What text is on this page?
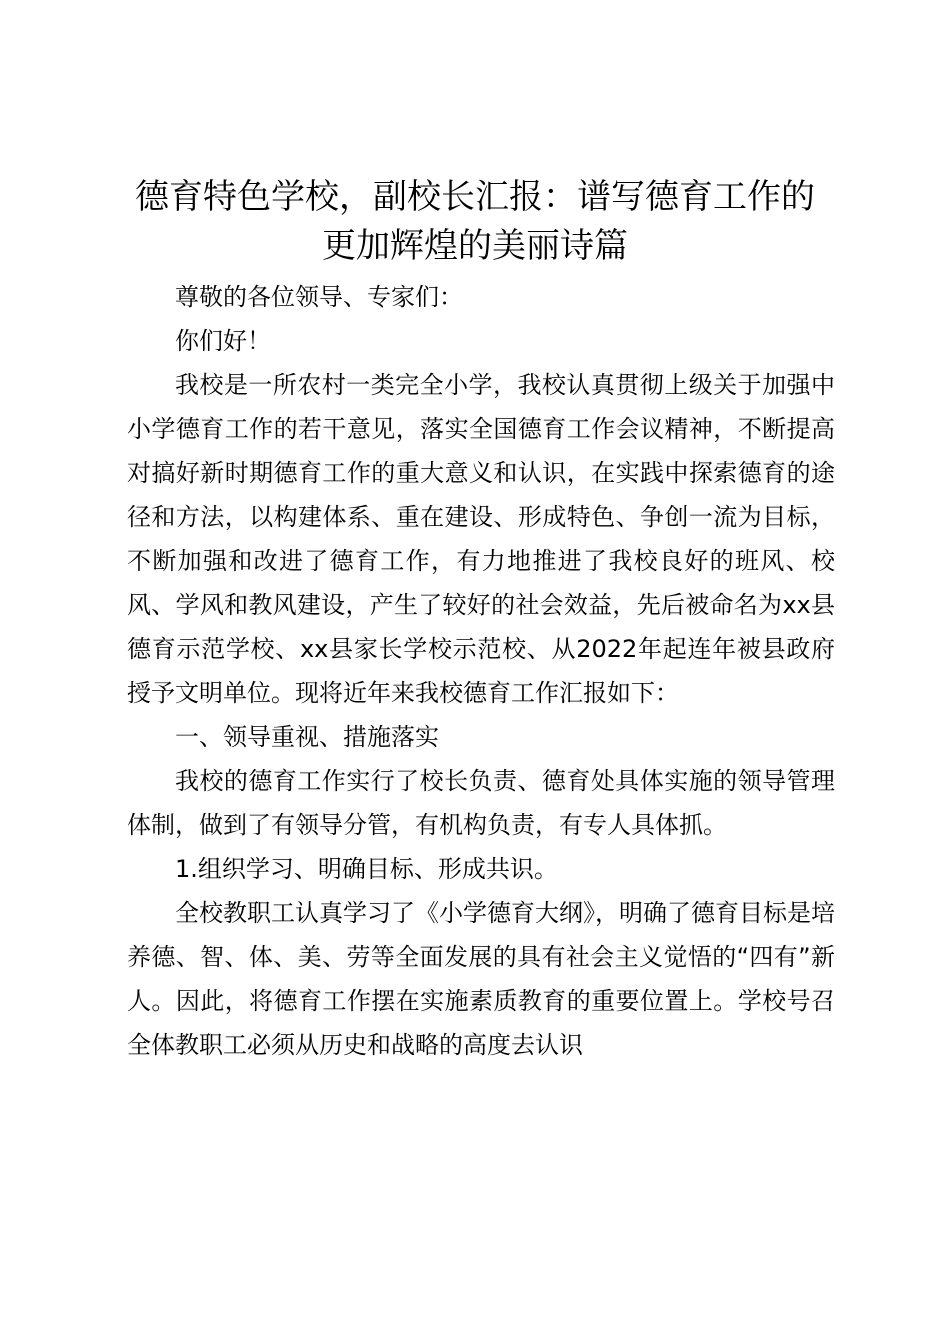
德育特色学校，副校长汇报：谱写德育工作的
更加辉煌的美丽诗篇

尊敬的各位领导、专家们：

你们好！

我校是一所农村一类完全小学，我校认真贯彻上级关于加强中小学德育工作的若干意见，落实全国德育工作会议精神，不断提高对搞好新时期德育工作的重大意义和认识，在实践中探索德育的途径和方法，以构建体系、重在建设、形成特色、争创一流为目标，不断加强和改进了德育工作，有力地推进了我校良好的班风、校风、学风和教风建设，产生了较好的社会效益，先后被命名为xx县德育示范学校、xx县家长学校示范校、从2022年起连年被县政府授予文明单位。现将近年来我校德育工作汇报如下：

一、领导重视、措施落实

我校的德育工作实行了校长负责、德育处具体实施的领导管理体制，做到了有领导分管，有机构负责，有专人具体抓。

1.组织学习、明确目标、形成共识。

全校教职工认真学习了《小学德育大纲》，明确了德育目标是培养德、智、体、美、劳等全面发展的具有社会主义觉悟的“四有”新人。因此，将德育工作摆在实施素质教育的重要位置上。学校号召全体教职工必须从历史和战略的高度去认识
